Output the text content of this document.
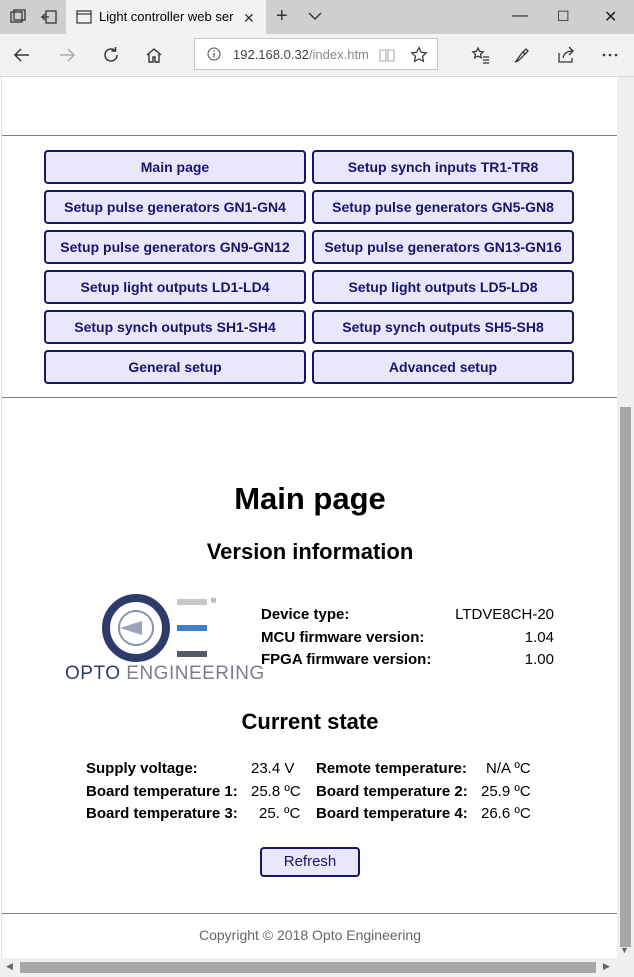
Light controller web ser ✕ +	— ☐ ✕
192.168.0.32/index.htm
Main page	Setup synch inputs TR1-TR8
Setup pulse generators GN1-GN4	Setup pulse generators GN5-GN8
Setup pulse generators GN9-GN12	Setup pulse generators GN13-GN16
Setup light outputs LD1-LD4	Setup light outputs LD5-LD8
Setup synch outputs SH1-SH4	Setup synch outputs SH5-SH8
General setup	Advanced setup
Main page
Version information
®
OPTO ENGINEERING
Device type:	LTDVE8CH-20
MCU firmware version:	1.04
FPGA firmware version:	1.00
Current state
Supply voltage:	23.4 V Remote temperature: N/A ºC
Board temperature 1: 25.8 ºC Board temperature 2: 25.9 ºC
Board temperature 3: 25. ºC Board temperature 4: 26.6 ºC
Refresh
Copyright © 2018 Opto Engineering
▼
◀	▶
